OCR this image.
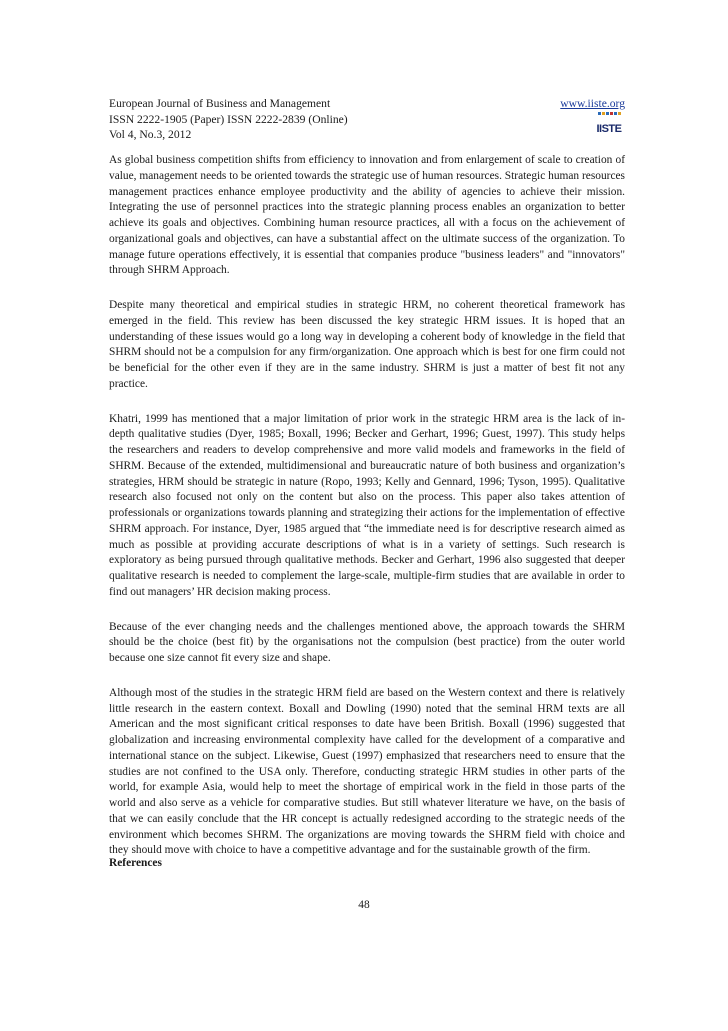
European Journal of Business and Management
ISSN 2222-1905 (Paper) ISSN 2222-2839 (Online)
Vol 4, No.3, 2012
www.iiste.org
IISTE

As global business competition shifts from efficiency to innovation and from enlargement of scale to creation of value, management needs to be oriented towards the strategic use of human resources. Strategic human resources management practices enhance employee productivity and the ability of agencies to achieve their mission. Integrating the use of personnel practices into the strategic planning process enables an organization to better achieve its goals and objectives. Combining human resource practices, all with a focus on the achievement of organizational goals and objectives, can have a substantial affect on the ultimate success of the organization. To manage future operations effectively, it is essential that companies produce "business leaders" and "innovators" through SHRM Approach.

Despite many theoretical and empirical studies in strategic HRM, no coherent theoretical framework has emerged in the field. This review has been discussed the key strategic HRM issues. It is hoped that an understanding of these issues would go a long way in developing a coherent body of knowledge in the field that SHRM should not be a compulsion for any firm/organization. One approach which is best for one firm could not be beneficial for the other even if they are in the same industry. SHRM is just a matter of best fit not any practice.

Khatri, 1999 has mentioned that a major limitation of prior work in the strategic HRM area is the lack of in-depth qualitative studies (Dyer, 1985; Boxall, 1996; Becker and Gerhart, 1996; Guest, 1997). This study helps the researchers and readers to develop comprehensive and more valid models and frameworks in the field of SHRM. Because of the extended, multidimensional and bureaucratic nature of both business and organization’s strategies, HRM should be strategic in nature (Ropo, 1993; Kelly and Gennard, 1996; Tyson, 1995). Qualitative research also focused not only on the content but also on the process. This paper also takes attention of professionals or organizations towards planning and strategizing their actions for the implementation of effective SHRM approach. For instance, Dyer, 1985 argued that “the immediate need is for descriptive research aimed as much as possible at providing accurate descriptions of what is in a variety of settings. Such research is exploratory as being pursued through qualitative methods. Becker and Gerhart, 1996 also suggested that deeper qualitative research is needed to complement the large-scale, multiple-firm studies that are available in order to find out managers’ HR decision making process.

Because of the ever changing needs and the challenges mentioned above, the approach towards the SHRM should be the choice (best fit) by the organisations not the compulsion (best practice) from the outer world because one size cannot fit every size and shape.

Although most of the studies in the strategic HRM field are based on the Western context and there is relatively little research in the eastern context. Boxall and Dowling (1990) noted that the seminal HRM texts are all American and the most significant critical responses to date have been British. Boxall (1996) suggested that globalization and increasing environmental complexity have called for the development of a comparative and international stance on the subject. Likewise, Guest (1997) emphasized that researchers need to ensure that the studies are not confined to the USA only. Therefore, conducting strategic HRM studies in other parts of the world, for example Asia, would help to meet the shortage of empirical work in the field in those parts of the world and also serve as a vehicle for comparative studies. But still whatever literature we have, on the basis of that we can easily conclude that the HR concept is actually redesigned according to the strategic needs of the environment which becomes SHRM. The organizations are moving towards the SHRM field with choice and they should move with choice to have a competitive advantage and for the sustainable growth of the firm.

References
48
